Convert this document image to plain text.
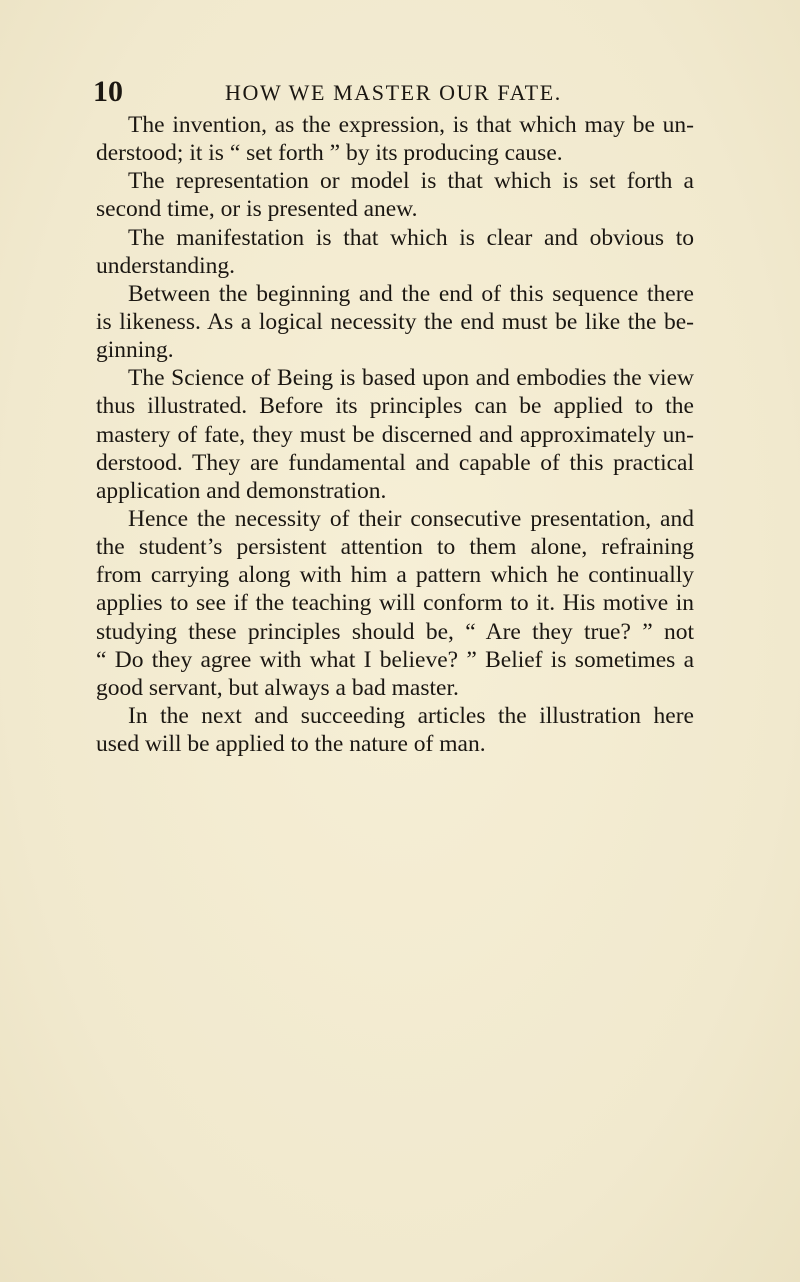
10	HOW WE MASTER OUR FATE.
The invention, as the expression, is that which may be un-
derstood; it is “ set forth ” by its producing cause.
The representation or model is that which is set forth a
second time, or is presented anew.
The manifestation is that which is clear and obvious to
understanding.
Between the beginning and the end of this sequence there
is likeness. As a logical necessity the end must be like the be-
ginning.
The Science of Being is based upon and embodies the view
thus illustrated. Before its principles can be applied to the
mastery of fate, they must be discerned and approximately un-
derstood. They are fundamental and capable of this practical
application and demonstration.
Hence the necessity of their consecutive presentation, and
the student’s persistent attention to them alone, refraining
from carrying along with him a pattern which he continually
applies to see if the teaching will conform to it. His motive in
studying these principles should be, “ Are they true? ” not
“ Do they agree with what I believe? ” Belief is sometimes a
good servant, but always a bad master.
In the next and succeeding articles the illustration here
used will be applied to the nature of man.
